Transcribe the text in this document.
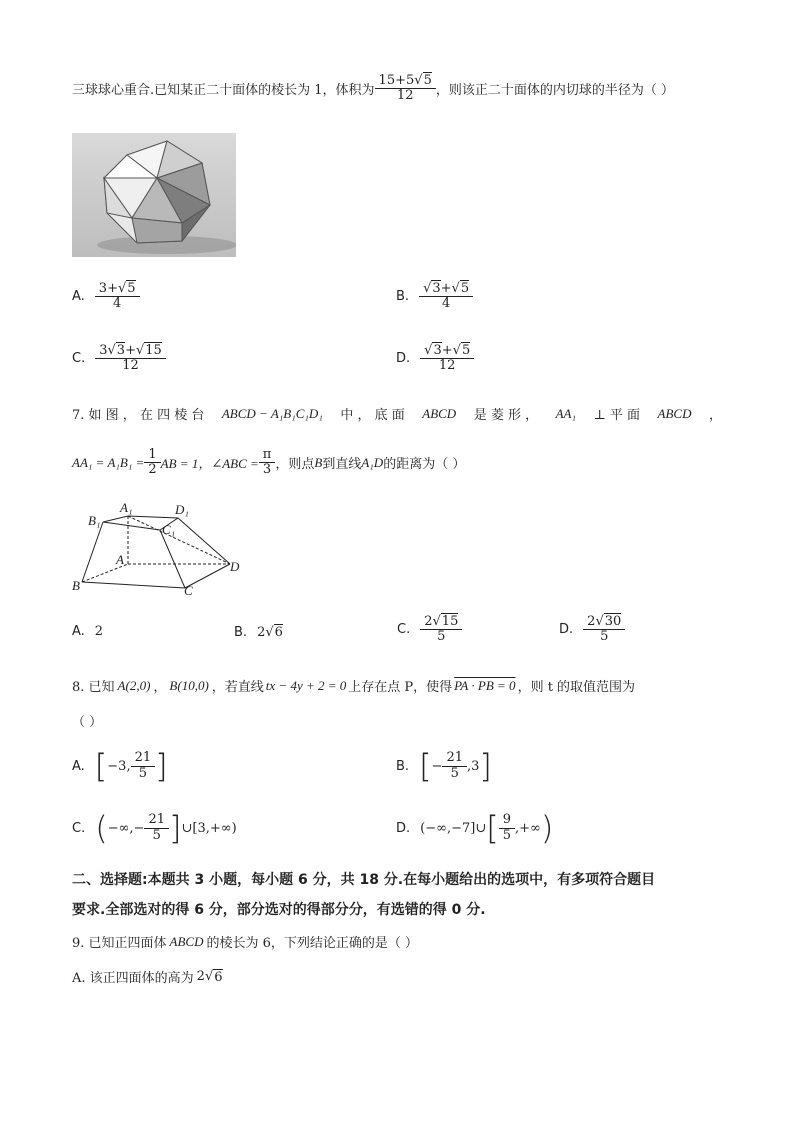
三球球心重合.已知某正二十面体的棱长为 1，体积为 $\frac{15+5√5}{12}$ ，则该正二十面体的内切球的半径为（ ）
A. $\frac{3+√5}{4}$	B. $\frac{√3+√5}{4}$
C. $\frac{3√3+√15}{12}$	D. $\frac{√3+√5}{12}$
7. 如 图 ， 在 四 棱 台 ABCD − A₁B₁C₁D₁ 中 ， 底 面 ABCD 是 菱 形 ， AA₁ ⊥ 平 面 ABCD ，
$AA_1 = A_1B_1 = \frac{1}{2}$ AB = 1，∠ABC = $\frac{\pi}{3}$ ，则点 B 到直线 A₁D 的距离为（ ）
A₁	D₁
B₁
C₁
A	D
B	C
A. 2	B. 2 √ 6	C. $\frac{2√15}{5}$	D. $\frac{2√30}{5}$
8. 已知 A(2,0) ， B(10,0) ，若直线 tx − 4y + 2 = 0 上存在点 P，使得 PA · PB = 0 ，则 t 的取值范围为
（ ）
A. [ −3, $\frac{21}{5}$ ]	B. [ − $\frac{21}{5} ,3$ ]
C. ( −∞,− $\frac{21}{5}$ ] ∪[3,+∞)	D. (−∞,−7]∪ [ $\frac{9}{5}$ ,+∞ )
二、选择题:本题共 3 小题，每小题 6 分，共 18 分.在每小题给出的选项中，有多项符合题目
要求.全部选对的得 6 分，部分选对的得部分分，有选错的得 0 分.
9. 已知正四面体 ABCD 的棱长为 6，下列结论正确的是（ ）
A. 该正四面体的高为 2 √ 6
